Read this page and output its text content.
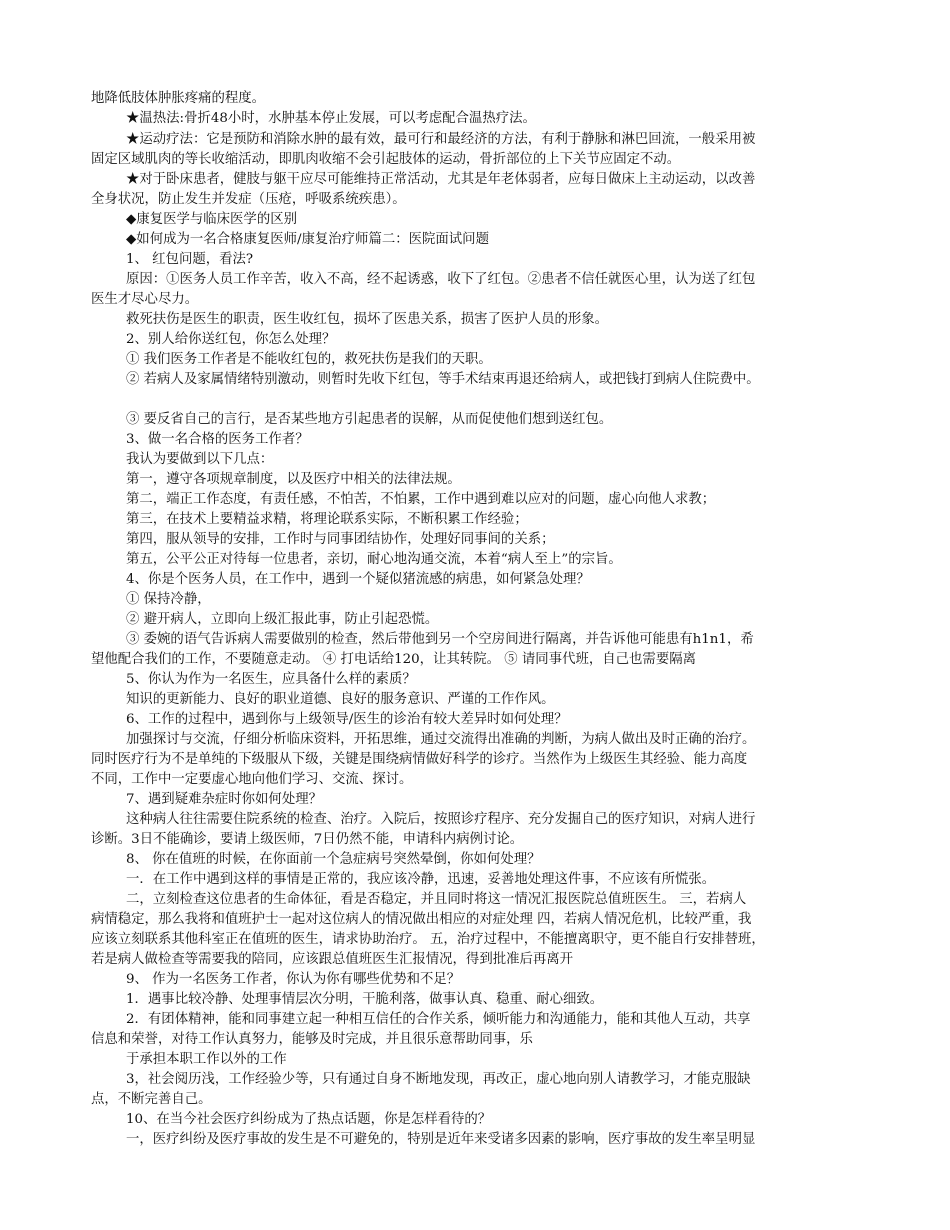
地降低肢体肿胀疼痛的程度。
★温热法:骨折48小时，水肿基本停止发展，可以考虑配合温热疗法。
★运动疗法：它是预防和消除水肿的最有效，最可行和最经济的方法，有利于静脉和淋巴回流，一般采用被
固定区域肌肉的等长收缩活动，即肌肉收缩不会引起肢体的运动，骨折部位的上下关节应固定不动。
★对于卧床患者，健肢与躯干应尽可能维持正常活动，尤其是年老体弱者，应每日做床上主动运动，以改善
全身状况，防止发生并发症（压疮，呼吸系统疾患）。
◆康复医学与临床医学的区别
◆如何成为一名合格康复医师/康复治疗师篇二：医院面试问题
1、 红包问题，看法?
原因：①医务人员工作辛苦，收入不高，经不起诱惑，收下了红包。②患者不信任就医心里，认为送了红包
医生才尽心尽力。
救死扶伤是医生的职责，医生收红包，损坏了医患关系，损害了医护人员的形象。
2、别人给你送红包，你怎么处理？
① 我们医务工作者是不能收红包的，救死扶伤是我们的天职。
② 若病人及家属情绪特别激动，则暂时先收下红包，等手术结束再退还给病人，或把钱打到病人住院费中。
③ 要反省自己的言行，是否某些地方引起患者的误解，从而促使他们想到送红包。
3、做一名合格的医务工作者？
我认为要做到以下几点：
第一，遵守各项规章制度，以及医疗中相关的法律法规。
第二，端正工作态度，有责任感，不怕苦，不怕累，工作中遇到难以应对的问题，虚心向他人求教；
第三，在技术上要精益求精，将理论联系实际，不断积累工作经验；
第四，服从领导的安排，工作时与同事团结协作，处理好同事间的关系；
第五，公平公正对待每一位患者，亲切，耐心地沟通交流，本着“病人至上”的宗旨。
4、你是个医务人员，在工作中，遇到一个疑似猪流感的病患，如何紧急处理？
① 保持冷静，
② 避开病人，立即向上级汇报此事，防止引起恐慌。
③ 委婉的语气告诉病人需要做别的检查，然后带他到另一个空房间进行隔离，并告诉他可能患有h1n1，希
望他配合我们的工作，不要随意走动。 ④ 打电话给120，让其转院。 ⑤ 请同事代班，自己也需要隔离
5、你认为作为一名医生，应具备什么样的素质？
知识的更新能力、良好的职业道德、良好的服务意识、严谨的工作作风。
6、工作的过程中，遇到你与上级领导/医生的诊治有较大差异时如何处理？
加强探讨与交流，仔细分析临床资料，开拓思维，通过交流得出准确的判断，为病人做出及时正确的治疗。
同时医疗行为不是单纯的下级服从下级，关键是围绕病情做好科学的诊疗。当然作为上级医生其经验、能力高度
不同，工作中一定要虚心地向他们学习、交流、探讨。
7、遇到疑难杂症时你如何处理？
这种病人往往需要住院系统的检查、治疗。入院后，按照诊疗程序、充分发掘自己的医疗知识，对病人进行
诊断。3日不能确诊，要请上级医师，7日仍然不能，申请科内病例讨论。
8、 你在值班的时候，在你面前一个急症病号突然晕倒，你如何处理？
一．在工作中遇到这样的事情是正常的，我应该冷静，迅速，妥善地处理这件事，不应该有所慌张。
二，立刻检查这位患者的生命体征，看是否稳定，并且同时将这一情况汇报医院总值班医生。 三，若病人
病情稳定，那么我将和值班护士一起对这位病人的情况做出相应的对症处理 四，若病人情况危机，比较严重，我
应该立刻联系其他科室正在值班的医生，请求协助治疗。 五，治疗过程中，不能擅离职守，更不能自行安排替班，
若是病人做检查等需要我的陪同，应该跟总值班医生汇报情况，得到批准后再离开
9、 作为一名医务工作者，你认为你有哪些优势和不足？
1．遇事比较冷静、处理事情层次分明，干脆利落，做事认真、稳重、耐心细致。
2．有团体精神，能和同事建立起一种相互信任的合作关系，倾听能力和沟通能力，能和其他人互动，共享
信息和荣誉，对待工作认真努力，能够及时完成，并且很乐意帮助同事，乐
于承担本职工作以外的工作
3，社会阅历浅，工作经验少等，只有通过自身不断地发现，再改正，虚心地向别人请教学习，才能克服缺
点，不断完善自己。
10、在当今社会医疗纠纷成为了热点话题，你是怎样看待的？
一，医疗纠纷及医疗事故的发生是不可避免的，特别是近年来受诸多因素的影响，医疗事故的发生率呈明显
